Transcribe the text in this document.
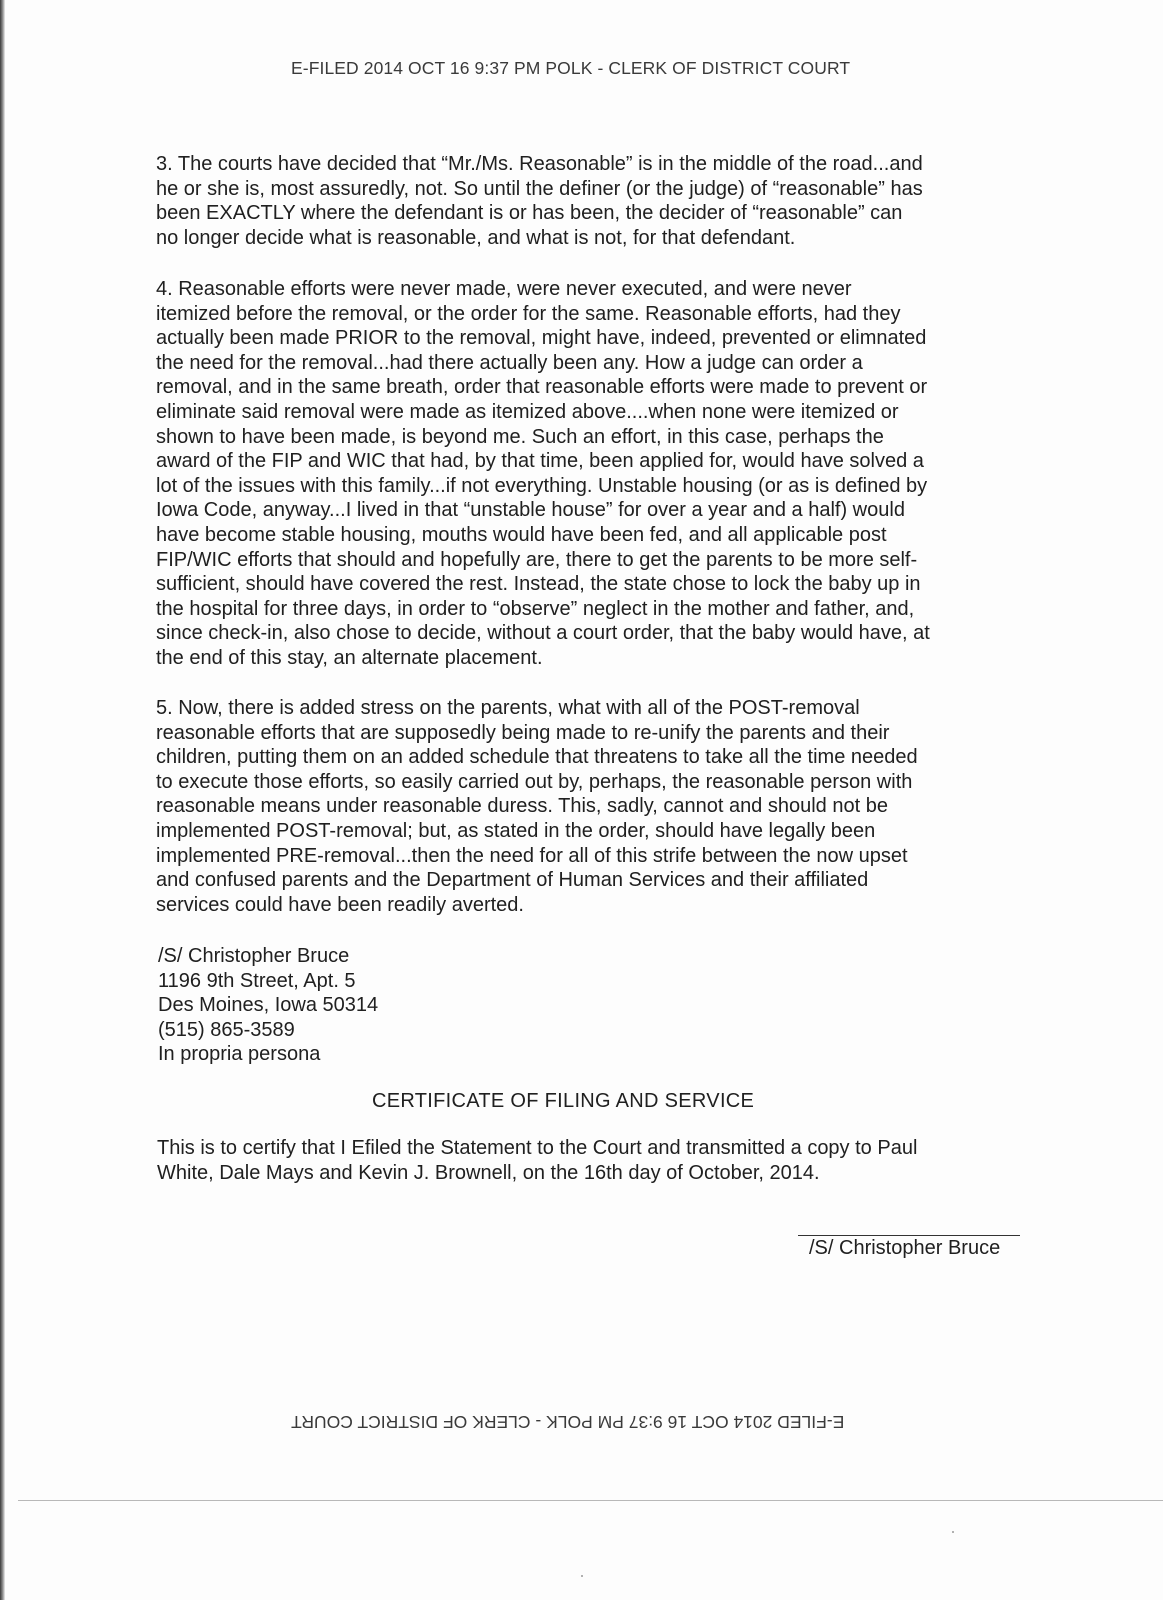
E-FILED 2014 OCT 16 9:37 PM POLK - CLERK OF DISTRICT COURT

3. The courts have decided that “Mr./Ms. Reasonable” is in the middle of the road...and
he or she is, most assuredly, not. So until the definer (or the judge) of “reasonable” has
been EXACTLY where the defendant is or has been, the decider of “reasonable” can
no longer decide what is reasonable, and what is not, for that defendant.

4. Reasonable efforts were never made, were never executed, and were never
itemized before the removal, or the order for the same. Reasonable efforts, had they
actually been made PRIOR to the removal, might have, indeed, prevented or elimnated
the need for the removal...had there actually been any. How a judge can order a
removal, and in the same breath, order that reasonable efforts were made to prevent or
eliminate said removal were made as itemized above....when none were itemized or
shown to have been made, is beyond me. Such an effort, in this case, perhaps the
award of the FIP and WIC that had, by that time, been applied for, would have solved a
lot of the issues with this family...if not everything. Unstable housing (or as is defined by
Iowa Code, anyway...I lived in that “unstable house” for over a year and a half) would
have become stable housing, mouths would have been fed, and all applicable post
FIP/WIC efforts that should and hopefully are, there to get the parents to be more self-
sufficient, should have covered the rest. Instead, the state chose to lock the baby up in
the hospital for three days, in order to “observe” neglect in the mother and father, and,
since check-in, also chose to decide, without a court order, that the baby would have, at
the end of this stay, an alternate placement.

5. Now, there is added stress on the parents, what with all of the POST-removal
reasonable efforts that are supposedly being made to re-unify the parents and their
children, putting them on an added schedule that threatens to take all the time needed
to execute those efforts, so easily carried out by, perhaps, the reasonable person with
reasonable means under reasonable duress. This, sadly, cannot and should not be
implemented POST-removal; but, as stated in the order, should have legally been
implemented PRE-removal...then the need for all of this strife between the now upset
and confused parents and the Department of Human Services and their affiliated
services could have been readily averted.

/S/ Christopher Bruce
1196 9th Street, Apt. 5
Des Moines, Iowa 50314
(515) 865-3589
In propria persona
CERTIFICATE OF FILING AND SERVICE
This is to certify that I Efiled the Statement to the Court and transmitted a copy to Paul
White, Dale Mays and Kevin J. Brownell, on the 16th day of October, 2014.
/S/ Christopher Bruce
E-FILED 2014 OCT 16 9:37 PM POLK - CLERK OF DISTRICT COURT
